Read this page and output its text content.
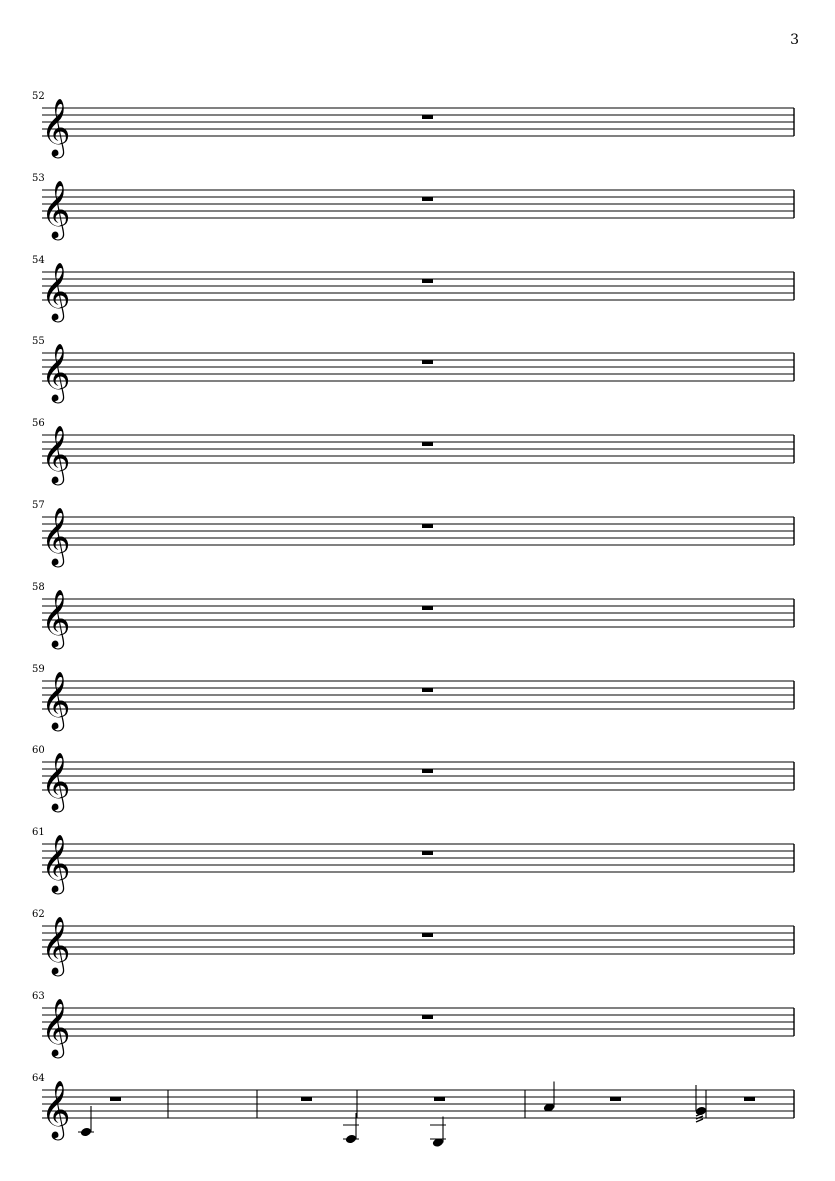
3
52
𝄞
53
𝄞
54
𝄞
55
𝄞
56
𝄞
57
𝄞
58
𝄞
59
𝄞
60
𝄞
61
𝄞
62
𝄞
63
𝄞
64
𝄞
